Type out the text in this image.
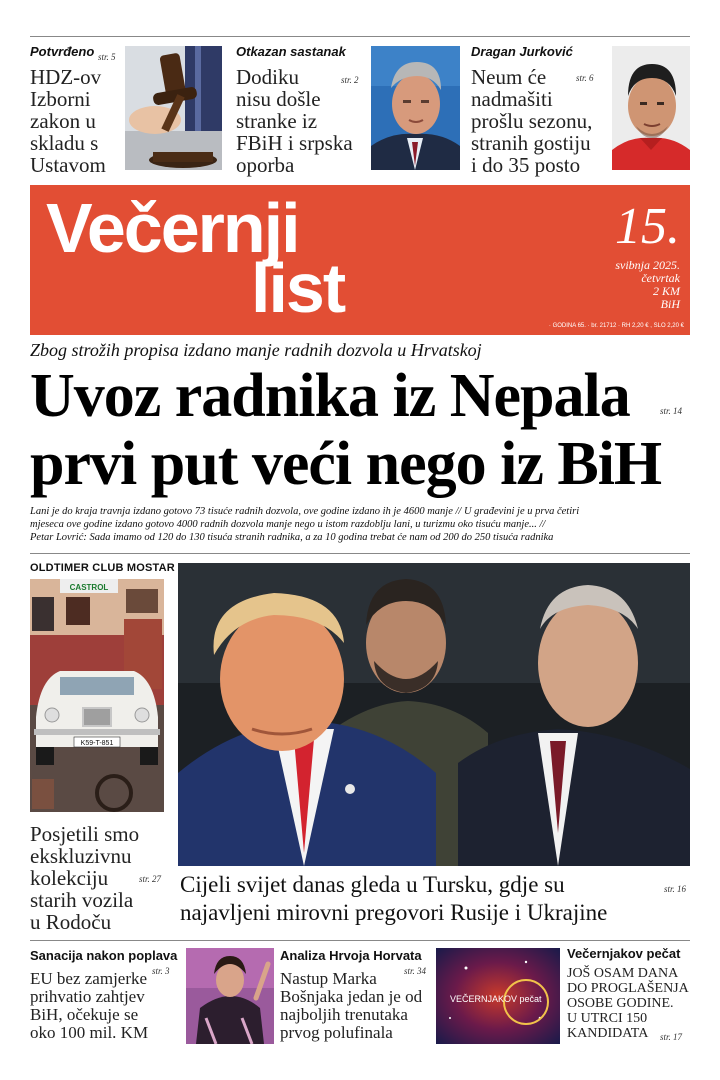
Potvrđeno str. 5
HDZ-ov
Izborni
zakon u
skladu s
Ustavom
Otkazan sastanak
str. 2
Dodiku
nisu došle
stranke iz
FBiH i srpska
oporba
Dragan Jurković
str. 6
Neum će
nadmašiti
prošlu sezonu,
stranih gostiju
i do 35 posto
Večernji
list
15.
svibnja 2025.
četvrtak
2 KM
BiH
· GODINA 65. · br. 21712 · RH 2,20 € , SLO 2,20 €
Zbog strožih propisa izdano manje radnih dozvola u Hrvatskoj
Uvoz radnika iz Nepala
prvi put veći nego iz BiH
str. 14
Lani je do kraja travnja izdano gotovo 73 tisuće radnih dozvola, ove godine izdano ih je 4600 manje // U građevini je u prva četiri
mjeseca ove godine izdano gotovo 4000 radnih dozvola manje nego u istom razdoblju lani, u turizmu oko tisuću manje... //
Petar Lovrić: Sada imamo od 120 do 130 tisuća stranih radnika, a za 10 godina trebat će nam od 200 do 250 tisuća radnika
OLDTIMER CLUB MOSTAR
CASTROL
K59-T-851
str. 27
Posjetili smo
ekskluzivnu
kolekciju
starih vozila
u Rodoču
Cijeli svijet danas gleda u Tursku, gdje su
najavljeni mirovni pregovori Rusije i Ukrajine
str. 16
Sanacija nakon poplava
str. 3
EU bez zamjerke
prihvatio zahtjev
BiH, očekuje se
oko 100 mil. KM
Analiza Hrvoja Horvata
str. 34
Nastup Marka
Bošnjaka jedan je od
najboljih trenutaka
prvog polufinala
VEČERNJAKOV pečat
Večernjakov pečat
JOŠ OSAM DANA
DO PROGLAŠENJA
OSOBE GODINE.
U UTRCI 150
KANDIDATA	str. 17
